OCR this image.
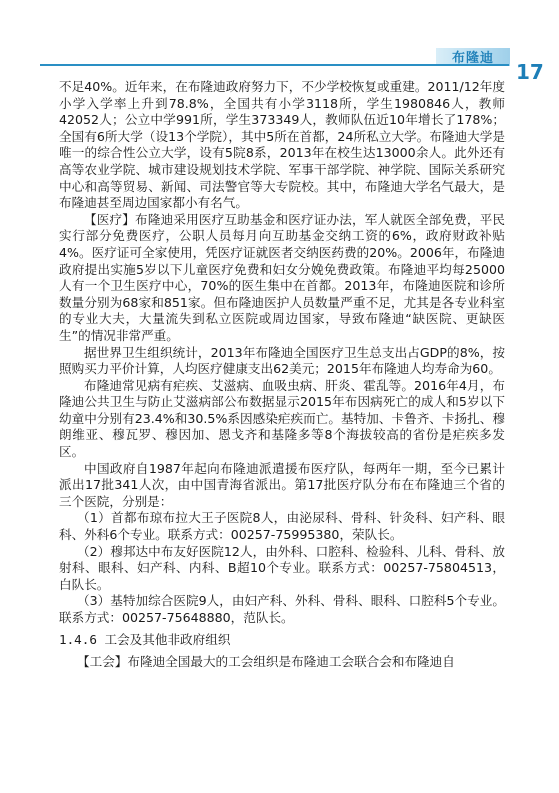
布隆迪
17

不足40%。近年来，在布隆迪政府努力下，不少学校恢复或重建。2011/12年度小学入学率上升到78.8%，全国共有小学3118所，学生1980846人，教师42052人；公立中学991所，学生373349人，教师队伍近10年增长了178%；全国有6所大学（设13个学院），其中5所在首都，24所私立大学。布隆迪大学是唯一的综合性公立大学，设有5院8系，2013年在校生达13000余人。此外还有高等农业学院、城市建设规划技术学院、军事干部学院、神学院、国际关系研究中心和高等贸易、新闻、司法警官等大专院校。其中，布隆迪大学名气最大，是布隆迪甚至周边国家都小有名气。

【医疗】布隆迪采用医疗互助基金和医疗证办法，军人就医全部免费，平民实行部分免费医疗，公职人员每月向互助基金交纳工资的6%，政府财政补贴4%。医疗证可全家使用，凭医疗证就医者交纳医药费的20%。2006年，布隆迪政府提出实施5岁以下儿童医疗免费和妇女分娩免费政策。布隆迪平均每25000人有一个卫生医疗中心，70%的医生集中在首都。2013年，布隆迪医院和诊所数量分别为68家和851家。但布隆迪医护人员数量严重不足，尤其是各专业科室的专业大夫，大量流失到私立医院或周边国家，导致布隆迪“缺医院、更缺医生”的情况非常严重。

据世界卫生组织统计，2013年布隆迪全国医疗卫生总支出占GDP的8%，按照购买力平价计算，人均医疗健康支出62美元；2015年布隆迪人均寿命为60。

布隆迪常见病有疟疾、艾滋病、血吸虫病、肝炎、霍乱等。2016年4月，布隆迪公共卫生与防止艾滋病部公布数据显示2015年布因病死亡的成人和5岁以下幼童中分别有23.4%和30.5%系因感染疟疾而亡。基特加、卡鲁齐、卡扬扎、穆朗维亚、穆瓦罗、穆因加、恩戈齐和基隆多等8个海拔较高的省份是疟疾多发区。

中国政府自1987年起向布隆迪派遣援布医疗队，每两年一期，至今已累计派出17批341人次，由中国青海省派出。第17批医疗队分布在布隆迪三个省的三个医院，分别是：

（1）首都布琼布拉大王子医院8人，由泌尿科、骨科、针灸科、妇产科、眼科、外科6个专业。联系方式：00257-75995380，荣队长。

（2）穆邦达中布友好医院12人，由外科、口腔科、检验科、儿科、骨科、放射科、眼科、妇产科、内科、B超10个专业。联系方式：00257-75804513，白队长。

（3）基特加综合医院9人，由妇产科、外科、骨科、眼科、口腔科5个专业。联系方式：00257-75648880，范队长。

1.4.6 工会及其他非政府组织

【工会】布隆迪全国最大的工会组织是布隆迪工会联合会和布隆迪自
